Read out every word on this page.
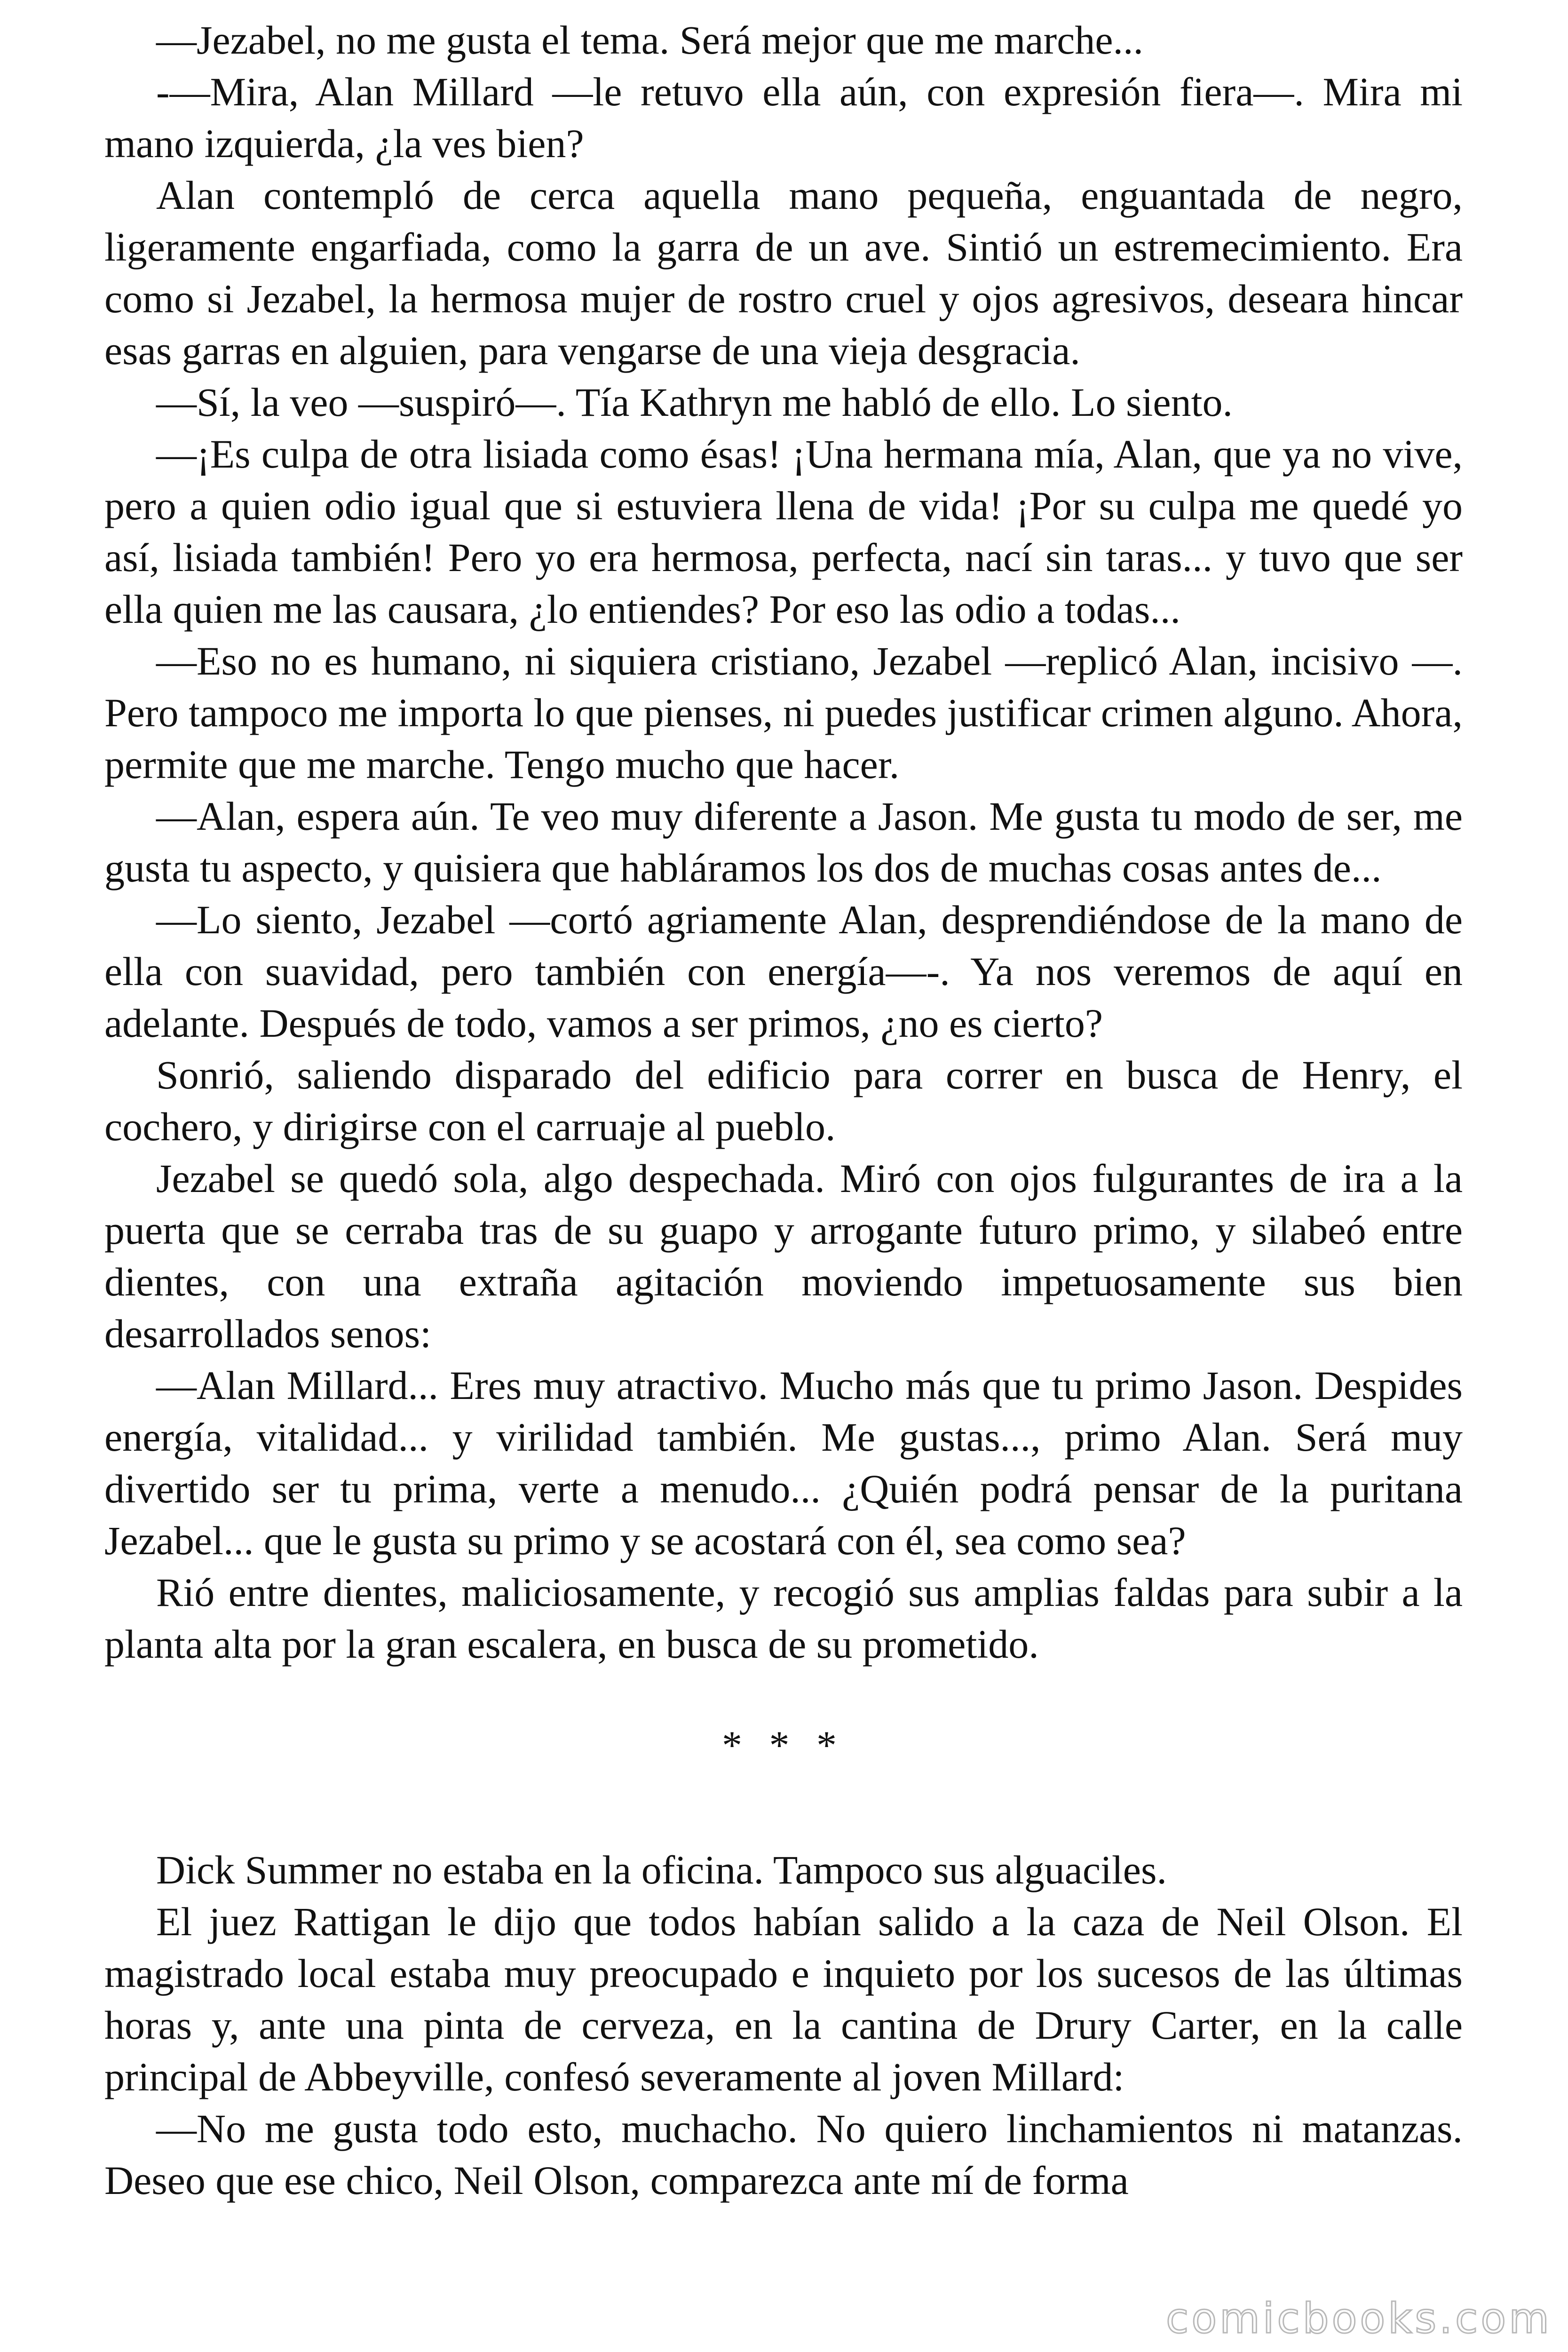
—Jezabel, no me gusta el tema. Será mejor que me marche...

-—Mira, Alan Millard —le retuvo ella aún, con expresión fiera—. Mira mi mano izquierda, ¿la ves bien?

Alan contempló de cerca aquella mano pequeña, enguantada de negro, ligeramente engarfiada, como la garra de un ave. Sintió un estremecimiento. Era como si Jezabel, la hermosa mujer de rostro cruel y ojos agresivos, deseara hincar esas garras en alguien, para vengarse de una vieja desgracia.

—Sí, la veo —suspiró—. Tía Kathryn me habló de ello. Lo siento.

—¡Es culpa de otra lisiada como ésas! ¡Una hermana mía, Alan, que ya no vive, pero a quien odio igual que si estuviera llena de vida! ¡Por su culpa me quedé yo así, lisiada también! Pero yo era hermosa, perfecta, nací sin taras... y tuvo que ser ella quien me las causara, ¿lo entiendes? Por eso las odio a todas...

—Eso no es humano, ni siquiera cristiano, Jezabel —replicó Alan, incisivo —. Pero tampoco me importa lo que pienses, ni puedes justificar crimen alguno. Ahora, permite que me marche. Tengo mucho que hacer.

—Alan, espera aún. Te veo muy diferente a Jason. Me gusta tu modo de ser, me gusta tu aspecto, y quisiera que habláramos los dos de muchas cosas antes de...

—Lo siento, Jezabel —cortó agriamente Alan, desprendiéndose de la mano de ella con suavidad, pero también con energía—-. Ya nos veremos de aquí en adelante. Después de todo, vamos a ser primos, ¿no es cierto?

Sonrió, saliendo disparado del edificio para correr en busca de Henry, el cochero, y dirigirse con el carruaje al pueblo.

Jezabel se quedó sola, algo despechada. Miró con ojos fulgurantes de ira a la puerta que se cerraba tras de su guapo y arrogante futuro primo, y silabeó entre dientes, con una extraña agitación moviendo impetuosamente sus bien desarrollados senos:

—Alan Millard... Eres muy atractivo. Mucho más que tu primo Jason. Despides energía, vitalidad... y virilidad también. Me gustas..., primo Alan. Será muy divertido ser tu prima, verte a menudo... ¿Quién podrá pensar de la puritana Jezabel... que le gusta su primo y se acostará con él, sea como sea?

Rió entre dientes, maliciosamente, y recogió sus amplias faldas para subir a la planta alta por la gran escalera, en busca de su prometido.

* * *

Dick Summer no estaba en la oficina. Tampoco sus alguaciles.

El juez Rattigan le dijo que todos habían salido a la caza de Neil Olson. El magistrado local estaba muy preocupado e inquieto por los sucesos de las últimas horas y, ante una pinta de cerveza, en la cantina de Drury Carter, en la calle principal de Abbeyville, confesó severamente al joven Millard:

—No me gusta todo esto, muchacho. No quiero linchamientos ni matanzas. Deseo que ese chico, Neil Olson, comparezca ante mí de forma

comicbooks.com
